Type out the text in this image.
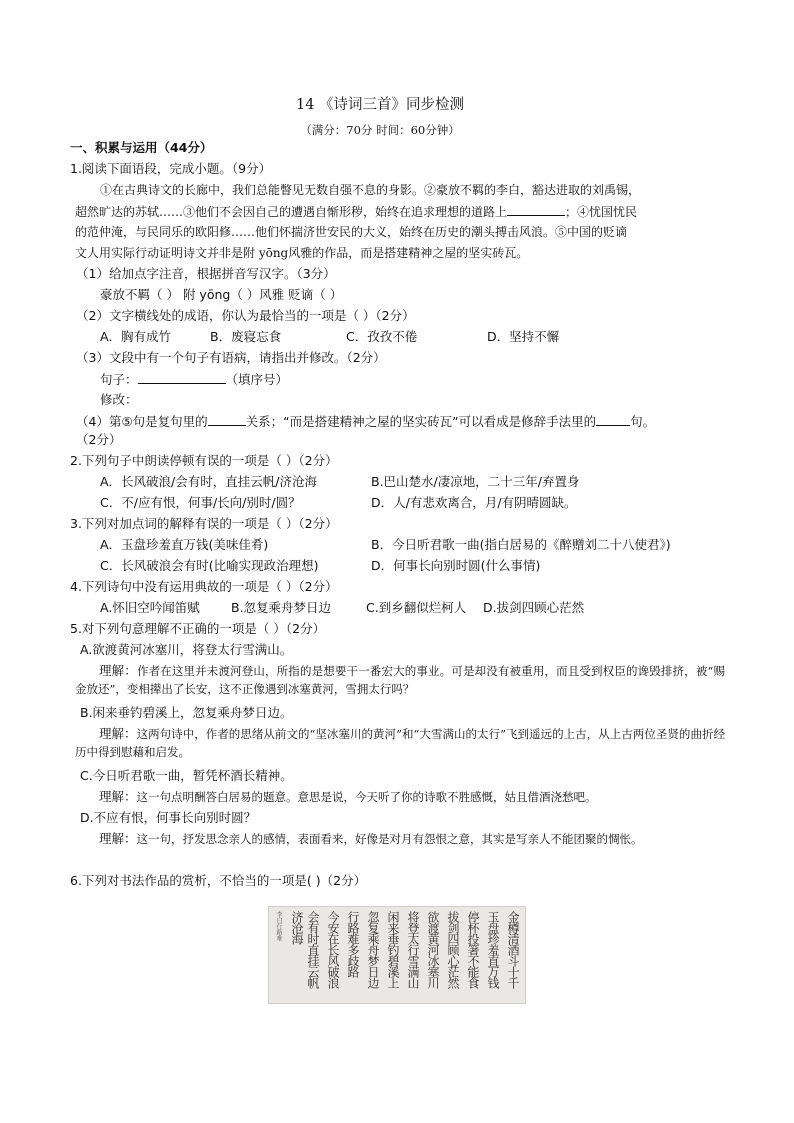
14 《诗词三首》同步检测
（满分：70分 时间：60分钟）
一、积累与运用（44分）
1.阅读下面语段，完成小题。（9分）
①在古典诗文的长廊中，我们总能瞥见无数自强不息的身影。②豪放不羁的李白，豁达进取的刘禹锡，
超然旷达的苏轼……③他们不会因自己的遭遇自惭形秽，始终在追求理想的道路上	；④忧国忧民
的范仲淹，与民同乐的欧阳修……他们怀揣济世安民的大义，始终在历史的潮头搏击风浪。⑤中国的贬谪
文人用实际行动证明诗文并非是附 yōng风雅的作品，而是搭建精神之屋的坚实砖瓦。
（1）给加点字注音，根据拼音写汉字。（3分）
豪放不羁（ ） 附 yōng（ ）风雅 贬谪（ ）
（2）文字横线处的成语，你认为最恰当的一项是（ ）（2分）
A．胸有成竹	B．废寝忘食	C．孜孜不倦	D．坚持不懈
（3）文段中有一个句子有语病，请指出并修改。（2分）
句子：	（填序号）
修改：
（4）第⑤句是复句里的	关系；“而是搭建精神之屋的坚实砖瓦”可以看成是修辞手法里的	句。
（2分）
2.下列句子中朗读停顿有误的一项是（ ）（2分）
A．长风破浪/会有时，直挂云帆/济沧海	B.巴山楚水/凄凉地，二十三年/弃置身
C．不/应有恨，何事/长向/别时/圆？	D．人/有悲欢离合，月/有阴晴圆缺。
3.下列对加点词的解释有误的一项是（ ）（2分）
A．玉盘珍羞直万钱(美味佳肴)	B．今日听君歌一曲(指白居易的《醉赠刘二十八使君》)
C．长风破浪会有时(比喻实现政治理想)	D．何事长向别时圆(什么事情)
4.下列诗句中没有运用典故的一项是（ ）（2分）
A.怀旧空吟闻笛赋 B.忽复乘舟梦日边	C.到乡翻似烂柯人 D.拔剑四顾心茫然
5.对下列句意理解不正确的一项是（ ）（2分）
A.欲渡黄河冰塞川，将登太行雪满山。
理解：作者在这里并未渡河登山，所指的是想要干一番宏大的事业。可是却没有被重用，而且受到权臣的谗毁排挤，被“赐金放还”，变相撵出了长安，这不正像遇到冰塞黄河，雪拥太行吗？
B.闲来垂钓碧溪上，忽复乘舟梦日边。
理解：这两句诗中，作者的思绪从前文的“坚冰塞川的黄河”和“大雪满山的太行”飞到遥远的上古，从上古两位圣贤的曲折经历中得到慰藉和启发。
C.今日听君歌一曲，暂凭杯酒长精神。
理解：这一句点明酬答白居易的题意。意思是说，今天听了你的诗歌不胜感慨，姑且借酒浇愁吧。
D.不应有恨，何事长向别时圆？
理解：这一句，抒发思念亲人的感情，表面看来，好像是对月有怨恨之意，其实是写亲人不能团聚的惆怅。
6.下列对书法作品的赏析，不恰当的一项是( )（2分）
金樽清酒斗十千
玉盘珍羞直万钱
停杯投箸不能食
拔剑四顾心茫然
欲渡黄河冰塞川
将登太行雪满山
闲来垂钓碧溪上
忽复乘舟梦日边
行路难多歧路
今安在长风破浪
会有时直挂云帆
济沧海
李白行路难
